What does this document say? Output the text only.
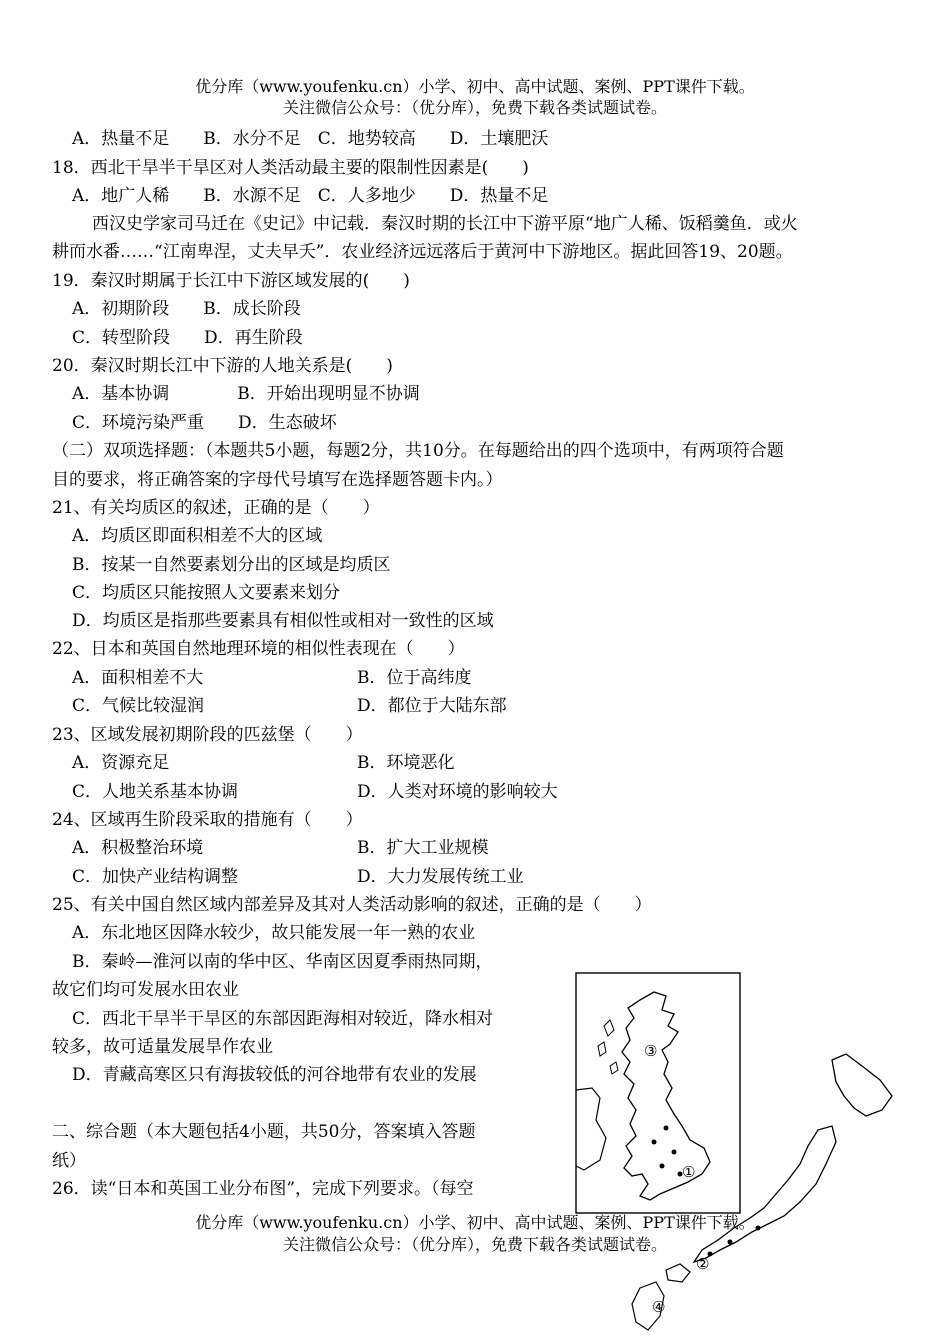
优分库（www.youfenku.cn）小学、初中、高中试题、案例、PPT课件下载。
关注微信公众号：（优分库），免费下载各类试题试卷。
A．热量不足　　B．水分不足　C．地势较高　　D．土壤肥沃
18．西北干旱半干旱区对人类活动最主要的限制性因素是(　　)
A．地广人稀　　B．水源不足　C．人多地少　　D．热量不足
西汉史学家司马迁在《史记》中记载．秦汉时期的长江中下游平原“地广人稀、饭稻羹鱼．或火
耕而水番……“江南卑涅，丈夫早夭”．农业经济远远落后于黄河中下游地区。据此回答19、20题。
19．秦汉时期属于长江中下游区域发展的(　　)
A．初期阶段　　B．成长阶段
C．转型阶段　　D．再生阶段
20．秦汉时期长江中下游的人地关系是(　　)
A．基本协调　　　　B．开始出现明显不协调
C．环境污染严重　　D．生态破坏
（二）双项选择题：（本题共5小题，每题2分，共10分。在每题给出的四个选项中，有两项符合题
目的要求，将正确答案的字母代号填写在选择题答题卡内。）
21、有关均质区的叙述，正确的是（　　）
A．均质区即面积相差不大的区域
B．按某一自然要素划分出的区域是均质区
C．均质区只能按照人文要素来划分
D．均质区是指那些要素具有相似性或相对一致性的区域
22、日本和英国自然地理环境的相似性表现在（　　）
A．面积相差不大	B．位于高纬度
C．气候比较湿润	D．都位于大陆东部
23、区域发展初期阶段的匹兹堡（　　）
A．资源充足	B．环境恶化
C．人地关系基本协调	D．人类对环境的影响较大
24、区域再生阶段采取的措施有（　　）
A．积极整治环境	B．扩大工业规模
C．加快产业结构调整	D．大力发展传统工业
25、有关中国自然区域内部差异及其对人类活动影响的叙述，正确的是（　　）
A．东北地区因降水较少，故只能发展一年一熟的农业
B．秦岭—淮河以南的华中区、华南区因夏季雨热同期，
故它们均可发展水田农业
C．西北干旱半干旱区的东部因距海相对较近，降水相对
较多，故可适量发展旱作农业
D．青藏高寒区只有海拔较低的河谷地带有农业的发展
二、综合题（本大题包括4小题，共50分，答案填入答题
纸）
26．读“日本和英国工业分布图”，完成下列要求。（每空
③
①
②
④
优分库（www.youfenku.cn）小学、初中、高中试题、案例、PPT课件下载。
关注微信公众号：（优分库），免费下载各类试题试卷。
